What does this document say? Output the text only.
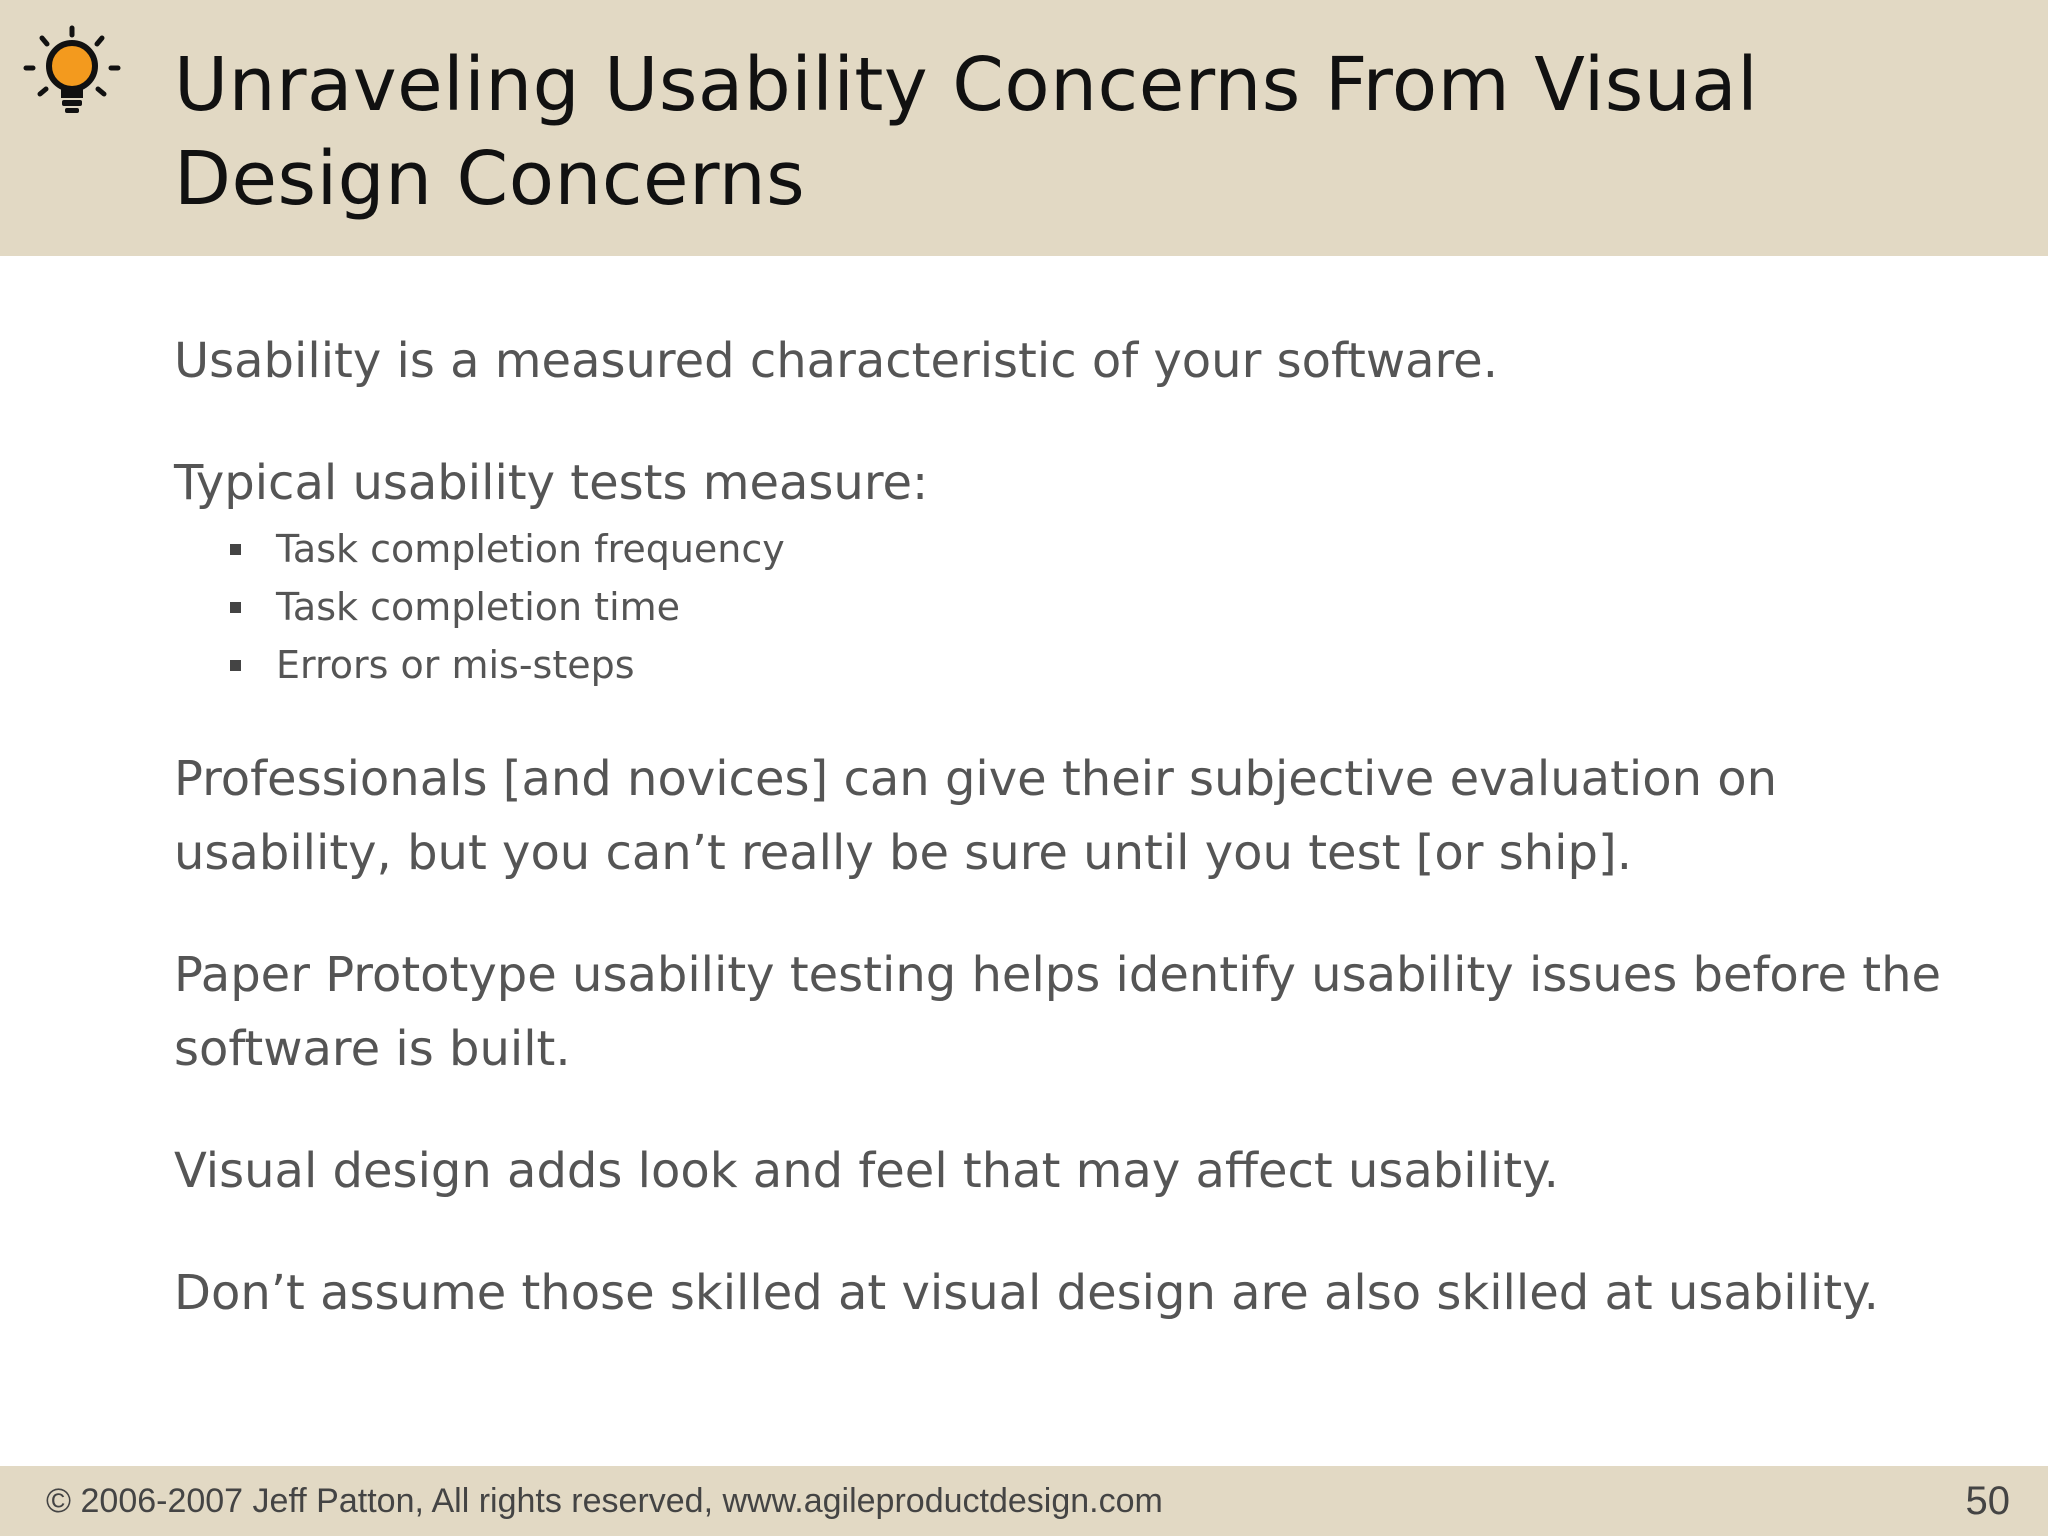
Unraveling Usability Concerns From Visual
Design Concerns

Usability is a measured characteristic of your software.

Typical usability tests measure:

Task completion frequency
Task completion time
Errors or mis-steps

Professionals [and novices] can give their subjective evaluation on usability, but you can’t really be sure until you test [or ship].

Paper Prototype usability testing helps identify usability issues before the software is built.

Visual design adds look and feel that may affect usability.

Don’t assume those skilled at visual design are also skilled at usability.

© 2006-2007 Jeff Patton, All rights reserved, www.agileproductdesign.com	50
